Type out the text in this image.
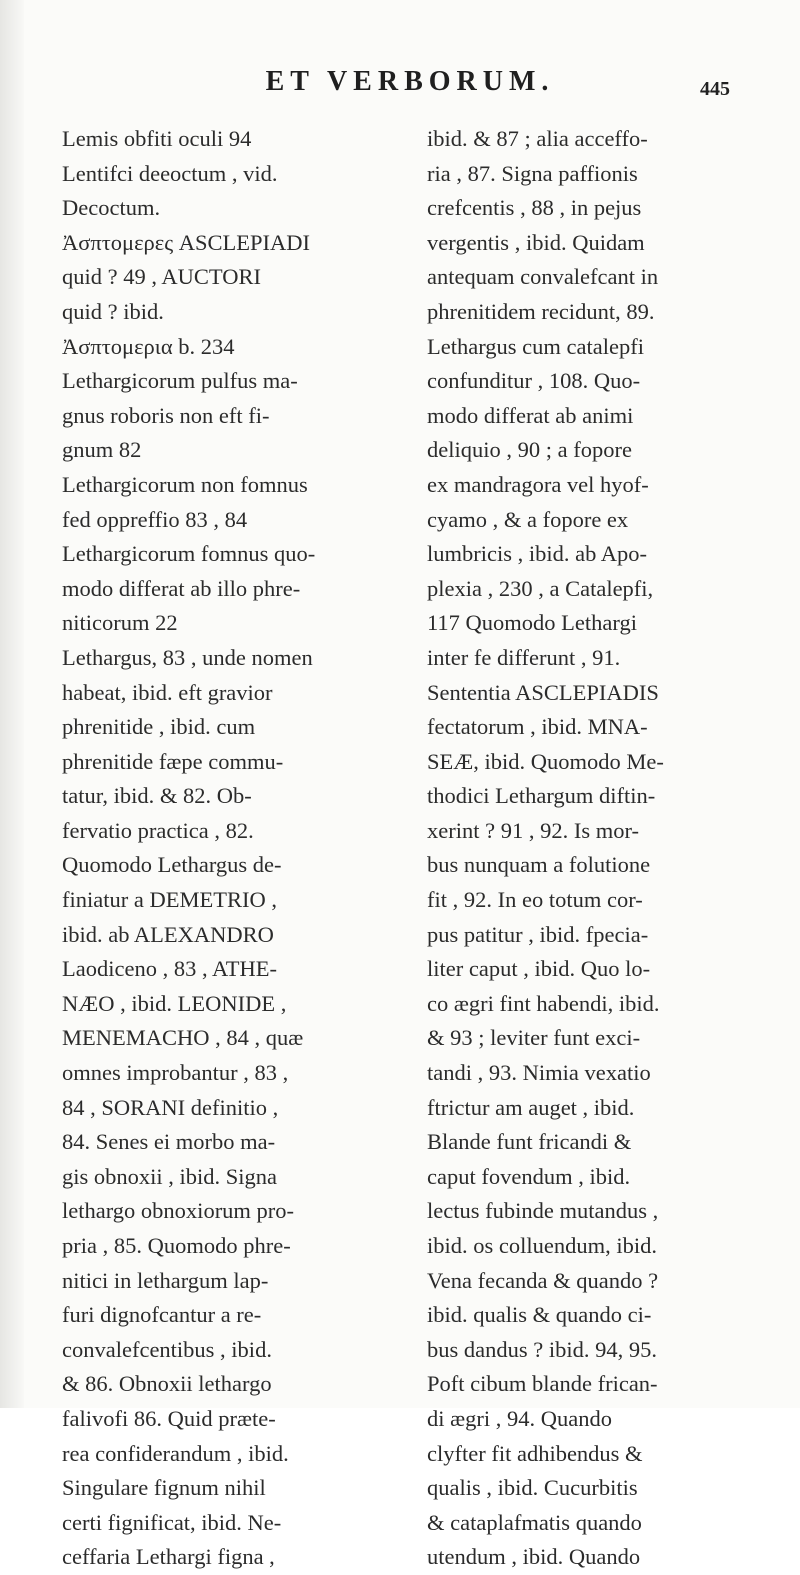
ET VERBORUM.	445
Lemis obfiti oculi 94
Lentifci deeoctum , vid.
Decoctum.
Ἀσπτομερες ASCLEPIADI
quid ? 49 , AUCTORI
quid ? ibid.
Ἀσπτομερια b. 234
Lethargicorum pulfus ma-
gnus roboris non eft fi-
gnum 82
Lethargicorum non fomnus
fed oppreffio 83 , 84
Lethargicorum fomnus quo-
modo differat ab illo phre-
niticorum 22
Lethargus, 83 , unde nomen
habeat, ibid. eft gravior
phrenitide , ibid. cum
phrenitide fæpe commu-
tatur, ibid. & 82. Ob-
fervatio practica , 82.
Quomodo Lethargus de-
finiatur a DEMETRIO ,
ibid. ab ALEXANDRO
Laodiceno , 83 , ATHE-
NÆO , ibid. LEONIDE ,
MENEMACHO , 84 , quæ
omnes improbantur , 83 ,
84 , SORANI definitio ,
84. Senes ei morbo ma-
gis obnoxii , ibid. Signa
lethargo obnoxiorum pro-
pria , 85. Quomodo phre-
nitici in lethargum lap-
furi dignofcantur a re-
convalefcentibus , ibid.
& 86. Obnoxii lethargo
falivofi 86. Quid præte-
rea confiderandum , ibid.
Singulare fignum nihil
certi fignificat, ibid. Ne-
ceffaria Lethargi figna ,
ibid. & 87 ; alia acceffo-
ria , 87. Signa paffionis
crefcentis , 88 , in pejus
vergentis , ibid. Quidam
antequam convalefcant in
phrenitidem recidunt, 89.
Lethargus cum catalepfi
confunditur , 108. Quo-
modo differat ab animi
deliquio , 90 ; a fopore
ex mandragora vel hyof-
cyamo , & a fopore ex
lumbricis , ibid. ab Apo-
plexia , 230 , a Catalepfi,
117 Quomodo Lethargi
inter fe differunt , 91.
Sententia ASCLEPIADIS
fectatorum , ibid. MNA-
SEÆ, ibid. Quomodo Me-
thodici Lethargum diftin-
xerint ? 91 , 92. Is mor-
bus nunquam a folutione
fit , 92. In eo totum cor-
pus patitur , ibid. fpecia-
liter caput , ibid. Quo lo-
co ægri fint habendi, ibid.
& 93 ; leviter funt exci-
tandi , 93. Nimia vexatio
ftrictur am auget , ibid.
Blande funt fricandi &
caput fovendum , ibid.
lectus fubinde mutandus ,
ibid. os colluendum, ibid.
Vena fecanda & quando ?
ibid. qualis & quando ci-
bus dandus ? ibid. 94, 95.
Poft cibum blande frican-
di ægri , 94. Quando
clyfter fit adhibendus &
qualis , ibid. Cucurbitis
& cataplafmatis quando
utendum , ibid. Quando
